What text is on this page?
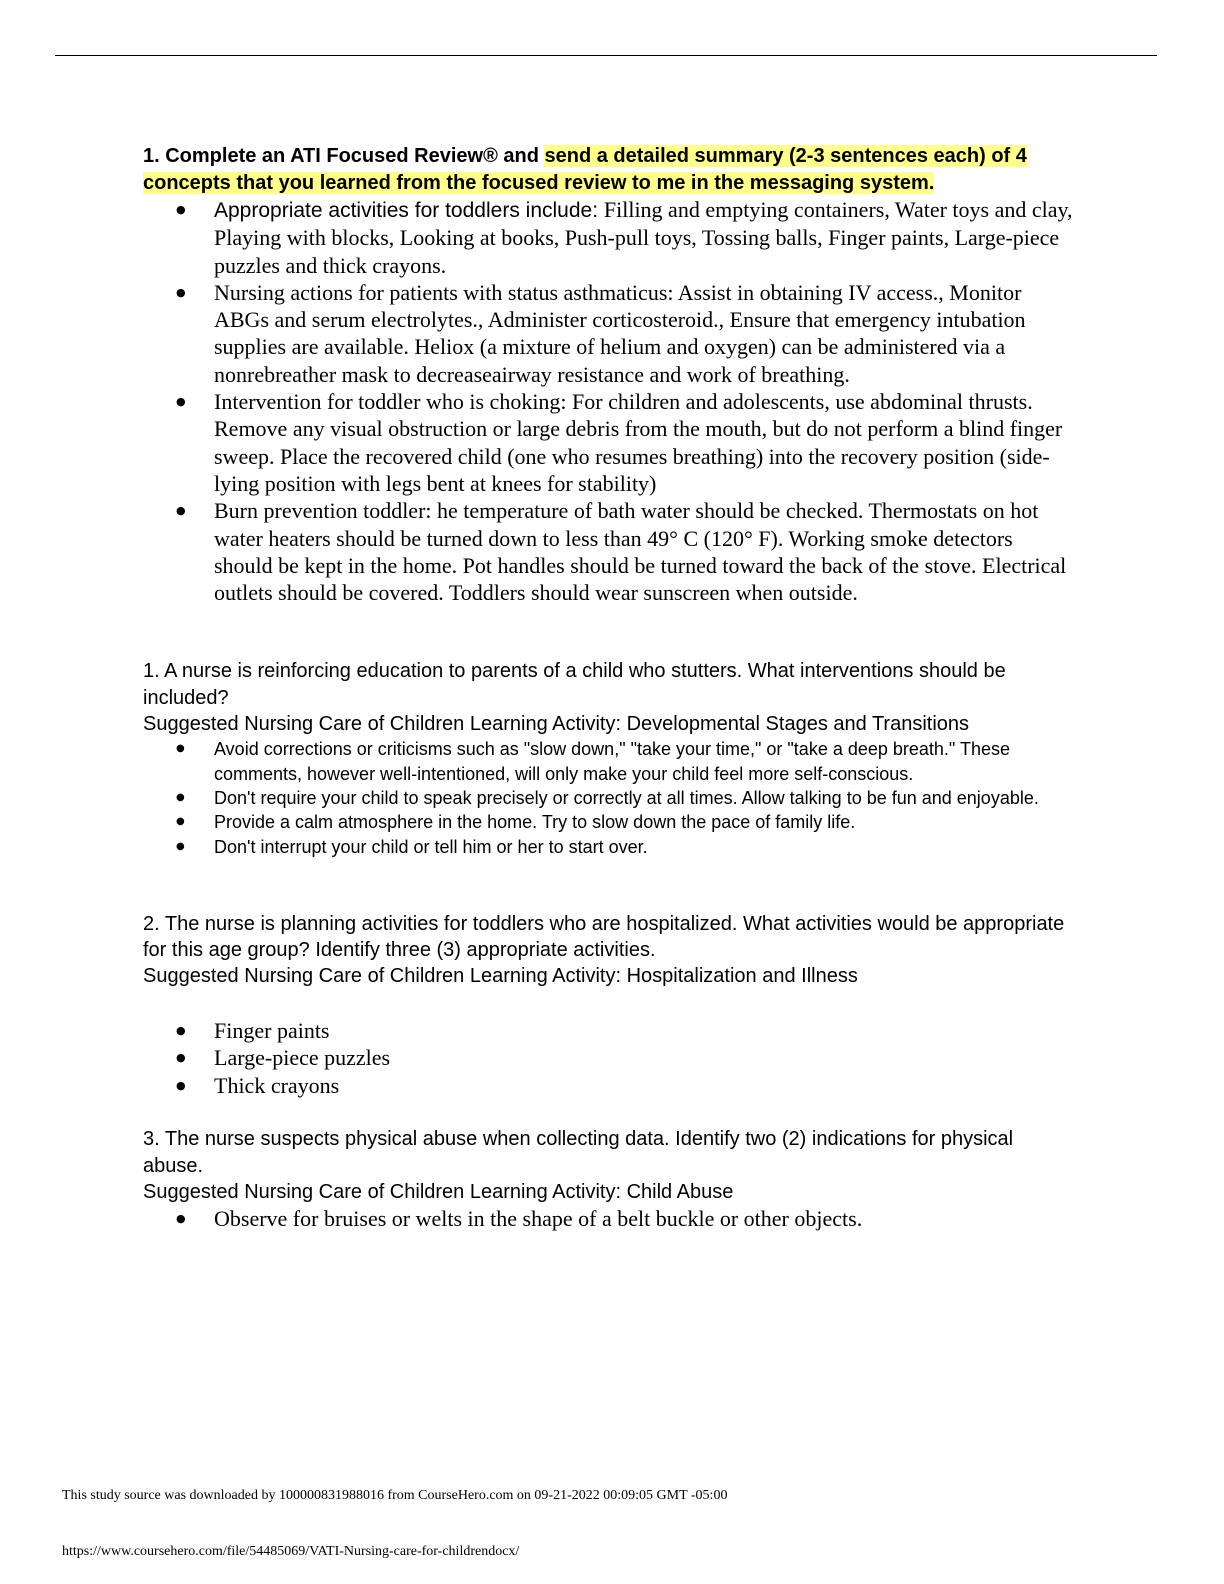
1. Complete an ATI Focused Review® and send a detailed summary (2-3 sentences each) of 4 concepts that you learned from the focused review to me in the messaging system.

● Appropriate activities for toddlers include: Filling and emptying containers, Water toys and clay, Playing with blocks, Looking at books, Push-pull toys, Tossing balls, Finger paints, Large-piece puzzles and thick crayons.
● Nursing actions for patients with status asthmaticus: Assist in obtaining IV access., Monitor ABGs and serum electrolytes., Administer corticosteroid., Ensure that emergency intubation supplies are available. Heliox (a mixture of helium and oxygen) can be administered via a nonrebreather mask to decreaseairway resistance and work of breathing.
● Intervention for toddler who is choking: For children and adolescents, use abdominal thrusts. Remove any visual obstruction or large debris from the mouth, but do not perform a blind finger sweep. Place the recovered child (one who resumes breathing) into the recovery position (side-lying position with legs bent at knees for stability)
● Burn prevention toddler: he temperature of bath water should be checked. Thermostats on hot water heaters should be turned down to less than 49° C (120° F). Working smoke detectors should be kept in the home. Pot handles should be turned toward the back of the stove. Electrical outlets should be covered. Toddlers should wear sunscreen when outside.

1. A nurse is reinforcing education to parents of a child who stutters. What interventions should be included?

Suggested Nursing Care of Children Learning Activity: Developmental Stages and Transitions

● Avoid corrections or criticisms such as "slow down," "take your time," or "take a deep breath." These comments, however well-intentioned, will only make your child feel more self-conscious.
● Don't require your child to speak precisely or correctly at all times. Allow talking to be fun and enjoyable.
● Provide a calm atmosphere in the home. Try to slow down the pace of family life.
● Don't interrupt your child or tell him or her to start over.

2. The nurse is planning activities for toddlers who are hospitalized. What activities would be appropriate for this age group? Identify three (3) appropriate activities.

Suggested Nursing Care of Children Learning Activity: Hospitalization and Illness

● Finger paints
● Large-piece puzzles
● Thick crayons

3. The nurse suspects physical abuse when collecting data. Identify two (2) indications for physical abuse.

Suggested Nursing Care of Children Learning Activity: Child Abuse

● Observe for bruises or welts in the shape of a belt buckle or other objects.
This study source was downloaded by 100000831988016 from CourseHero.com on 09-21-2022 00:09:05 GMT -05:00
https://www.coursehero.com/file/54485069/VATI-Nursing-care-for-childrendocx/
